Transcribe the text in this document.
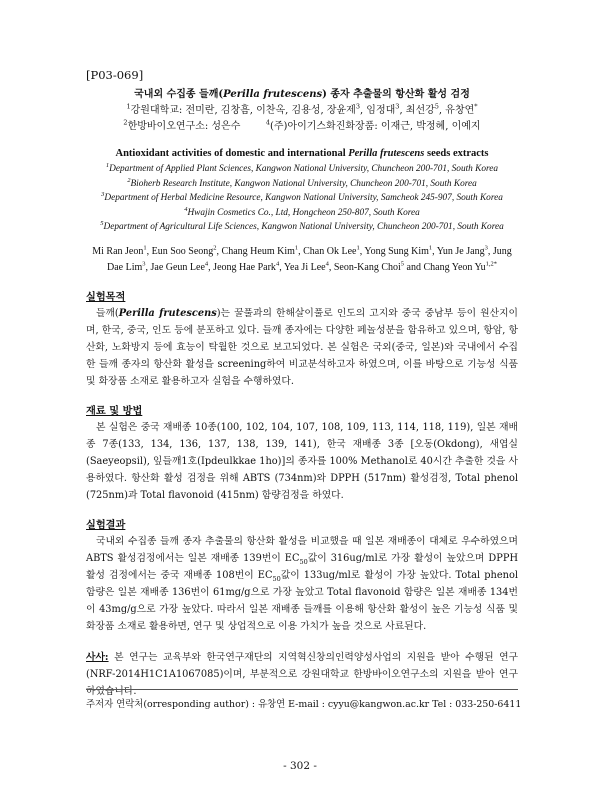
[P03-069]

국내외 수집종 들깨(Perilla frutescens) 종자 추출물의 항산화 활성 검정

$^1$강원대학교: 전미란, 김창흠, 이찬옥, 김용성, 장윤제$^3$, 임정대$^3$, 최선강$^5$, 유창연*

$^2$한방바이오연구소: 성은수	$^4$(주)아이기스화진화장품: 이재근, 박정혜, 이예지

Antioxidant activities of domestic and international Perilla frutescens seeds extracts

$^1$Department of Applied Plant Sciences, Kangwon National University, Chuncheon 200-701, South Korea

$^2$Bioherb Research Institute, Kangwon National University, Chuncheon 200-701, South Korea

$^3$Department of Herbal Medicine Resource, Kangwon National University, Samcheok 245-907, South Korea

$^4$Hwajin Cosmetics Co., Ltd, Hongcheon 250-807, South Korea

$^5$Department of Agricultural Life Sciences, Kangwon National University, Chuncheon 200-701, South Korea

Mi Ran Jeon$^1$, Eun Soo Seong$^2$, Chang Heum Kim$^1$, Chan Ok Lee$^1$, Yong Sung Kim$^1$, Yun Je Jang$^3$, Jung Dae Lim$^3$, Jae Geun Lee$^4$, Jeong Hae Park$^4$, Yea Ji Lee$^4$, Seon-Kang Choi$^5$ and Chang Yeon $Yu^{1,2*}$

실험목적

들깨(Perilla frutescens)는 꿀풀과의 한해살이풀로 인도의 고지와 중국 중남부 등이 원산지이며, 한국, 중국, 인도 등에 분포하고 있다. 들깨 종자에는 다양한 페놀성분을 함유하고 있으며, 항암, 항산화, 노화방지 등에 효능이 탁월한 것으로 보고되었다. 본 실험은 국외(중국, 일본)와 국내에서 수집한 들깨 종자의 항산화 활성을 screening하여 비교분석하고자 하였으며, 이를 바탕으로 기능성 식품 및 화장품 소재로 활용하고자 실험을 수행하였다.

재료 및 방법

본 실험은 중국 재배종 10종(100, 102, 104, 107, 108, 109, 113, 114, 118, 119), 일본 재배종 7종(133, 134, 136, 137, 138, 139, 141), 한국 재배종 3종 [오동(Okdong), 새엽실(Saeyeopsil), 잎들깨1호(Ipdeulkkae 1ho)]의 종자를 100% Methanol로 40시간 추출한 것을 사용하였다. 항산화 활성 검정을 위해 ABTS (734nm)와 DPPH (517nm) 활성검정, Total phenol (725nm)과 Total flavonoid (415nm) 함량검정을 하였다.

실험결과

국내외 수집종 들깨 종자 추출물의 항산화 활성을 비교했을 때 일본 재배종이 대체로 우수하였으며 ABTS 활성검정에서는 일본 재배종 139번이 $EC_{50}$값이 316ug/ml로 가장 활성이 높았으며 DPPH 활성 검정에서는 중국 재배종 108번이 $EC_{50}$값이 133ug/ml로 활성이 가장 높았다. Total phenol 함량은 일본 재배종 136번이 61mg/g으로 가장 높았고 Total flavonoid 함량은 일본 재배종 134번이 43mg/g으로 가장 높았다. 따라서 일본 재배종 들깨를 이용해 항산화 활성이 높은 기능성 식품 및 화장품 소재로 활용하면, 연구 및 상업적으로 이용 가치가 높을 것으로 사료된다.

사사: 본 연구는 교육부와 한국연구재단의 지역혁신창의인력양성사업의 지원을 받아 수행된 연구(NRF-2014H1C1A1067085)이며, 부분적으로 강원대학교 한방바이오연구소의 지원을 받아 연구하였습니다.

주저자 연락처(orresponding author) : 유창연 E-mail : cyyu@kangwon.ac.kr Tel : 033-250-6411

- 302 -
